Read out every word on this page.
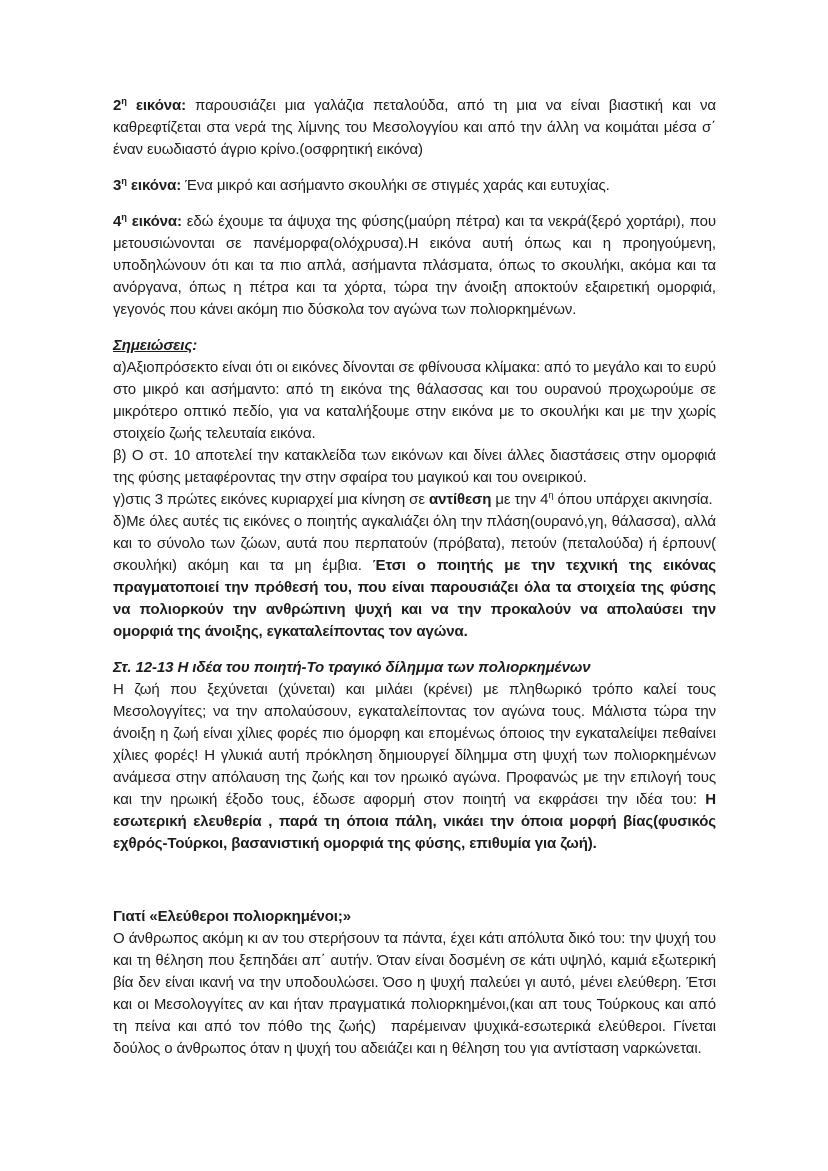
$2^\eta$ εικόνα: παρουσιάζει μια γαλάζια πεταλούδα, από τη μια να είναι βιαστική και να καθρεφτίζεται στα νερά της λίμνης του Μεσολογγίου και από την άλλη να κοιμάται μέσα σ΄ έναν ευωδιαστό άγριο κρίνο.(οσφρητική εικόνα)

$3^\eta$ εικόνα: Ένα μικρό και ασήμαντο σκουλήκι σε στιγμές χαράς και ευτυχίας.

$4^\eta$ εικόνα: εδώ έχουμε τα άψυχα της φύσης(μαύρη πέτρα) και τα νεκρά(ξερό χορτάρι), που μετουσιώνονται σε πανέμορφα(ολόχρυσα).Η εικόνα αυτή όπως και η προηγούμενη, υποδηλώνουν ότι και τα πιο απλά, ασήμαντα πλάσματα, όπως το σκουλήκι, ακόμα και τα ανόργανα, όπως η πέτρα και τα χόρτα, τώρα την άνοιξη αποκτούν εξαιρετική ομορφιά, γεγονός που κάνει ακόμη πιο δύσκολα τον αγώνα των πολιορκημένων.

Σημειώσεις:

α)Αξιοπρόσεκτο είναι ότι οι εικόνες δίνονται σε φθίνουσα κλίμακα: από το μεγάλο και το ευρύ στο μικρό και ασήμαντο: από τη εικόνα της θάλασσας και του ουρανού προχωρούμε σε μικρότερο οπτικό πεδίο, για να καταλήξουμε στην εικόνα με το σκουλήκι και με την χωρίς στοιχείο ζωής τελευταία εικόνα.

β) Ο στ. 10 αποτελεί την κατακλείδα των εικόνων και δίνει άλλες διαστάσεις στην ομορφιά της φύσης μεταφέροντας την στην σφαίρα του μαγικού και του ονειρικού.

γ)στις 3 πρώτες εικόνες κυριαρχεί μια κίνηση σε αντίθεση με την $4^\eta$ όπου υπάρχει ακινησία.

δ)Με όλες αυτές τις εικόνες ο ποιητής αγκαλιάζει όλη την πλάση(ουρανό,γη, θάλασσα), αλλά και το σύνολο των ζώων, αυτά που περπατούν (πρόβατα), πετούν (πεταλούδα) ή έρπουν( σκουλήκι) ακόμη και τα μη έμβια. Έτσι ο ποιητής με την τεχνική της εικόνας πραγματοποιεί την πρόθεσή του, που είναι παρουσιάζει όλα τα στοιχεία της φύσης να πολιορκούν την ανθρώπινη ψυχή και να την προκαλούν να απολαύσει την ομορφιά της άνοιξης, εγκαταλείποντας τον αγώνα.

Στ. 12-13 Η ιδέα του ποιητή-Το τραγικό δίλημμα των πολιορκημένων

Η ζωή που ξεχύνεται (χύνεται) και μιλάει (κρένει) με πληθωρικό τρόπο καλεί τους Μεσολογγίτες; να την απολαύσουν, εγκαταλείποντας τον αγώνα τους. Μάλιστα τώρα την άνοιξη η ζωή είναι χίλιες φορές πιο όμορφη και επομένως όποιος την εγκαταλείψει πεθαίνει χίλιες φορές! Η γλυκιά αυτή πρόκληση δημιουργεί δίλημμα στη ψυχή των πολιορκημένων ανάμεσα στην απόλαυση της ζωής και τον ηρωικό αγώνα. Προφανώς με την επιλογή τους και την ηρωική έξοδο τους, έδωσε αφορμή στον ποιητή να εκφράσει την ιδέα του: Η εσωτερική ελευθερία , παρά τη όποια πάλη, νικάει την όποια μορφή βίας(φυσικός εχθρός-Τούρκοι, βασανιστική ομορφιά της φύσης, επιθυμία για ζωή).

Γιατί «Ελεύθεροι πολιορκημένοι;»

Ο άνθρωπος ακόμη κι αν του στερήσουν τα πάντα, έχει κάτι απόλυτα δικό του: την ψυχή του και τη θέληση που ξεπηδάει απ΄ αυτήν. Όταν είναι δοσμένη σε κάτι υψηλό, καμιά εξωτερική βία δεν είναι ικανή να την υποδουλώσει. Όσο η ψυχή παλεύει γι αυτό, μένει ελεύθερη. Έτσι και οι Μεσολογγίτες αν και ήταν πραγματικά πολιορκημένοι,(και απ τους Τούρκους και από τη πείνα και από τον πόθο της ζωής)  παρέμειναν ψυχικά-εσωτερικά ελεύθεροι. Γίνεται δούλος ο άνθρωπος όταν η ψυχή του αδειάζει και η θέληση του για αντίσταση ναρκώνεται.
